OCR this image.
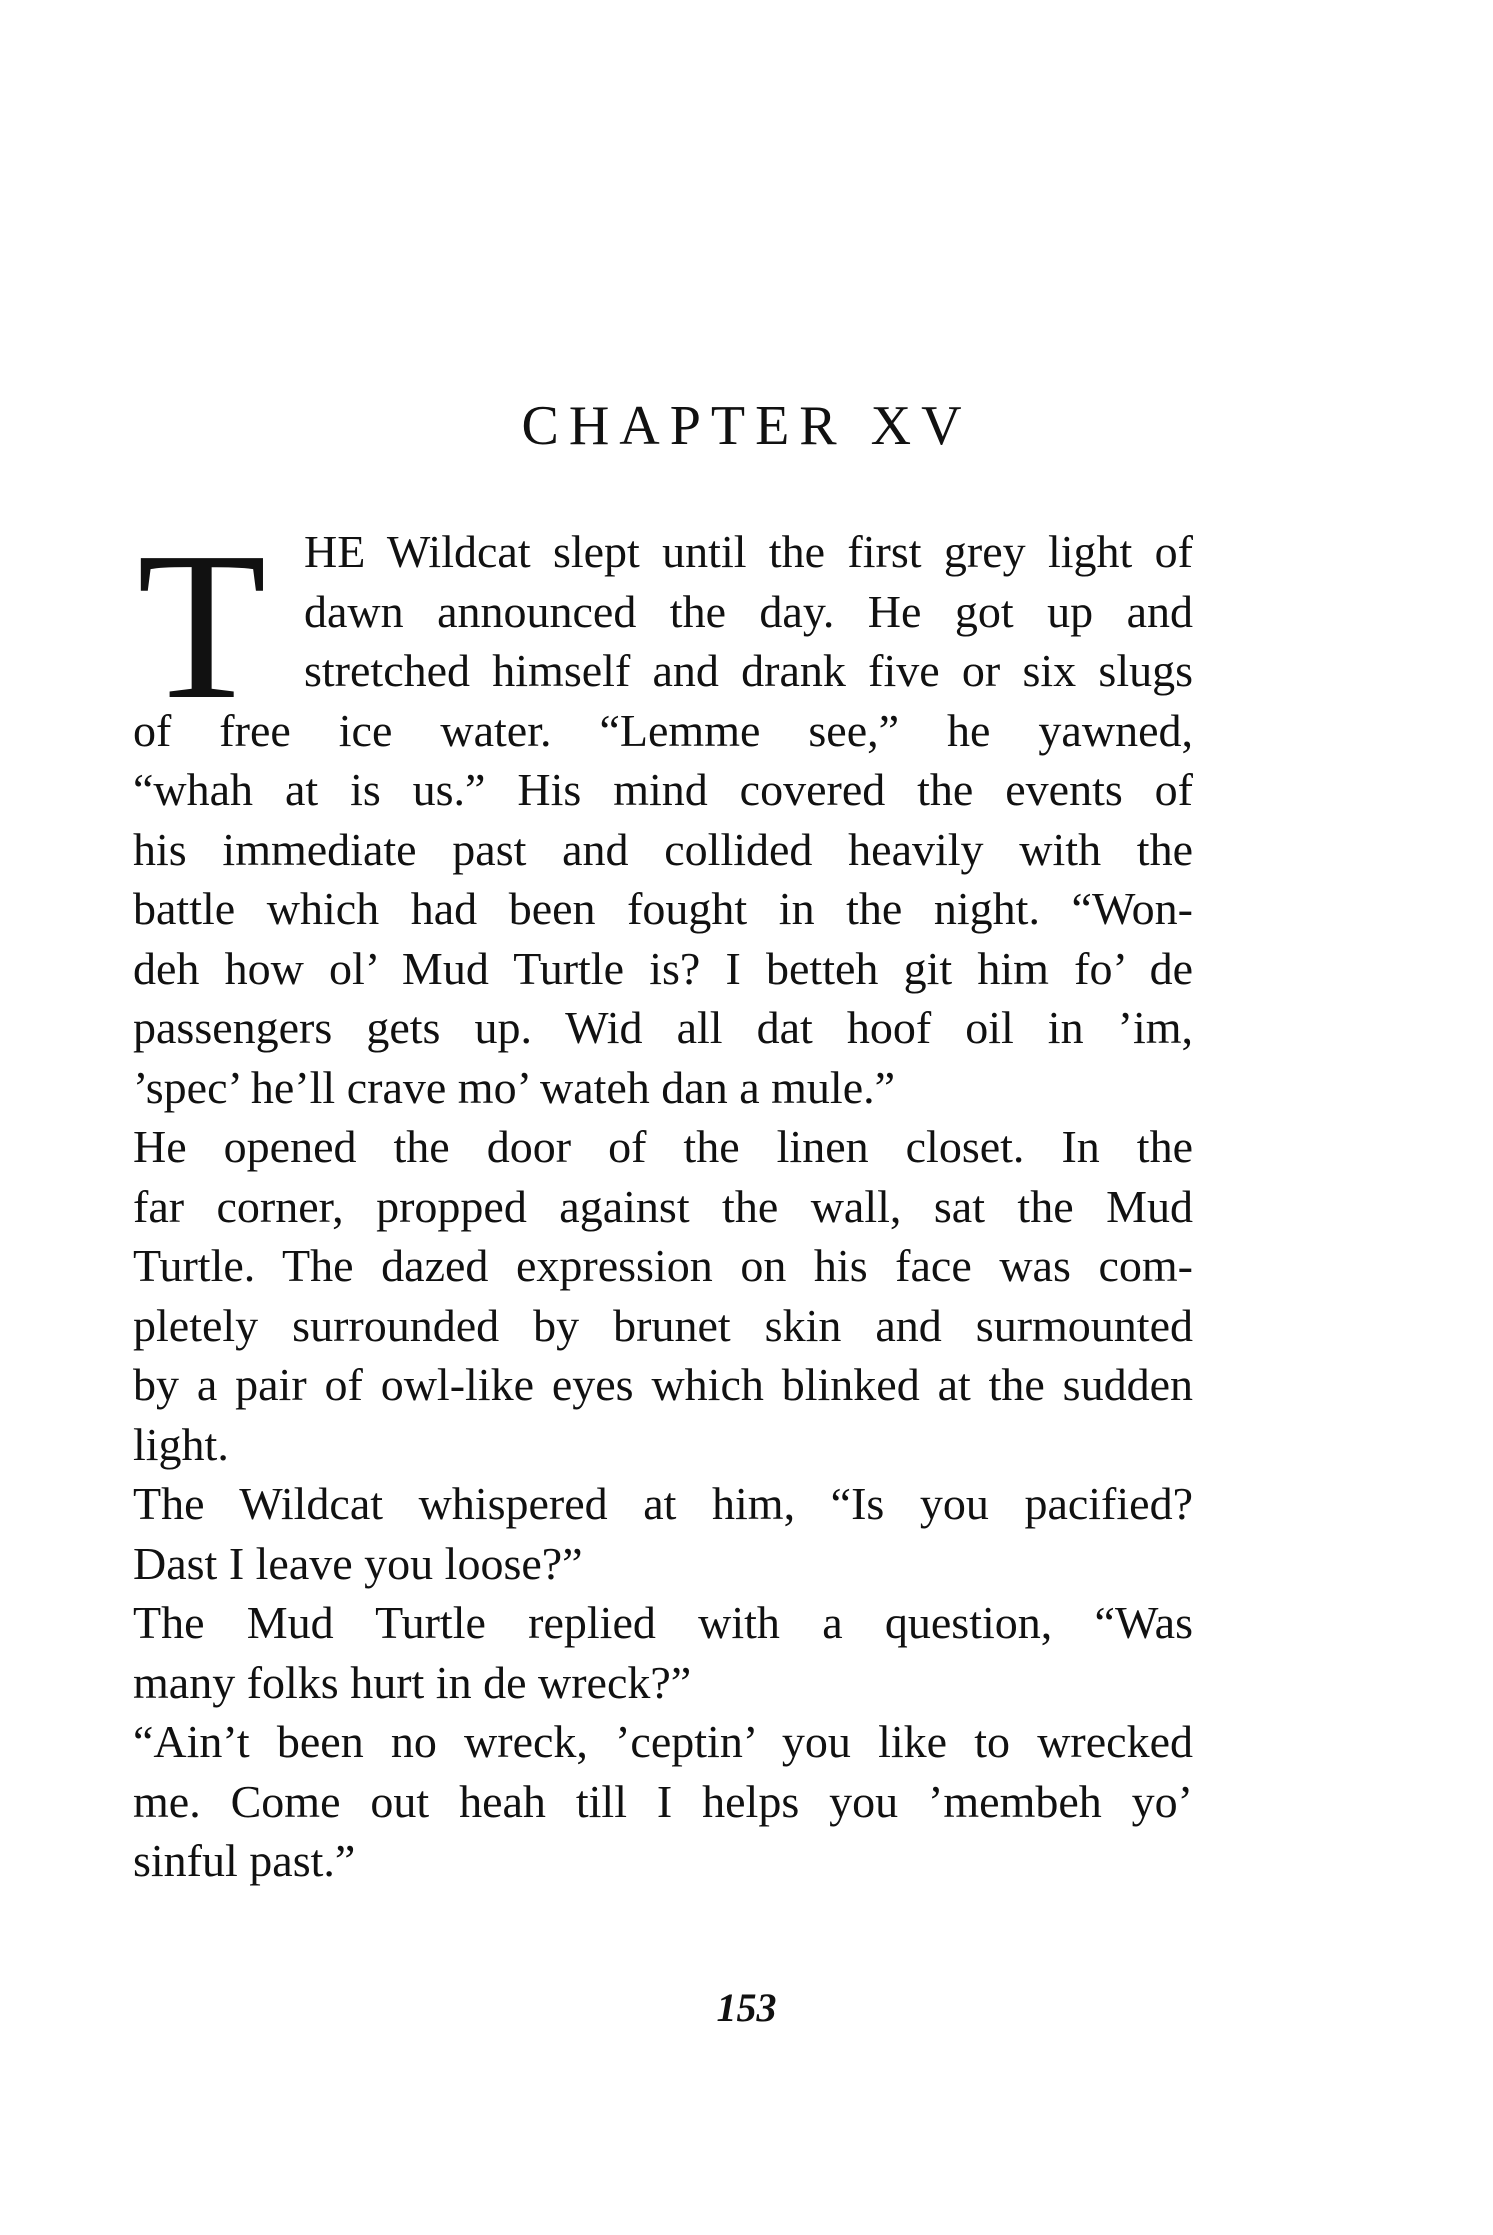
CHAPTER XV
T HE Wildcat slept until the first grey light of
dawn announced the day. He got up and
stretched himself and drank five or six slugs
of free ice water. “Lemme see,” he yawned,
“whah at is us.” His mind covered the events of
his immediate past and collided heavily with the
battle which had been fought in the night. “Won-
deh how ol’ Mud Turtle is? I betteh git him fo’ de
passengers gets up. Wid all dat hoof oil in ’im,
’spec’ he’ll crave mo’ wateh dan a mule.”
He opened the door of the linen closet. In the
far corner, propped against the wall, sat the Mud
Turtle. The dazed expression on his face was com-
pletely surrounded by brunet skin and surmounted
by a pair of owl-like eyes which blinked at the sudden
light.
The Wildcat whispered at him, “Is you pacified?
Dast I leave you loose?”
The Mud Turtle replied with a question, “Was
many folks hurt in de wreck?”
“Ain’t been no wreck, ’ceptin’ you like to wrecked
me. Come out heah till I helps you ’membeh yo’
sinful past.”
153
